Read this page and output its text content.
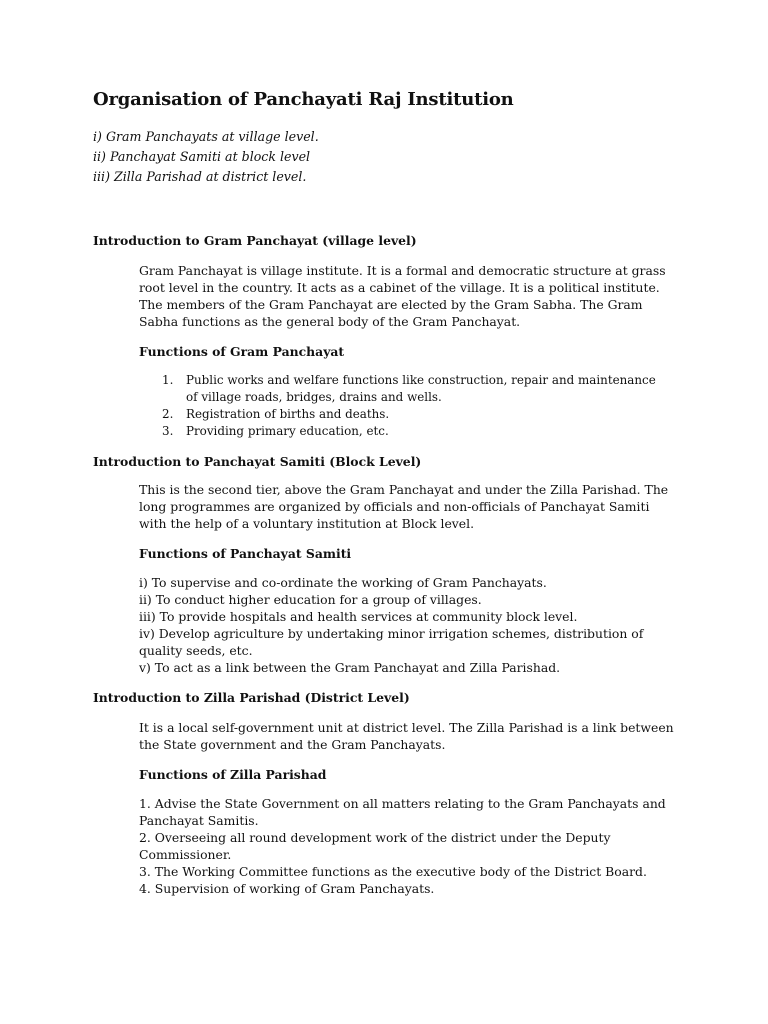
Organisation of Panchayati Raj Institution
i) Gram Panchayats at village level.
ii) Panchayat Samiti at block level
iii) Zilla Parishad at district level.
Introduction to Gram Panchayat (village level)

Gram Panchayat is village institute. It is a formal and democratic structure at grass root level in the country. It acts as a cabinet of the village. It is a political institute. The members of the Gram Panchayat are elected by the Gram Sabha. The Gram Sabha functions as the general body of the Gram Panchayat.

Functions of Gram Panchayat
1. Public works and welfare functions like construction, repair and maintenance of village roads, bridges, drains and wells.
2. Registration of births and deaths.
3. Providing primary education, etc.
Introduction to Panchayat Samiti (Block Level)

This is the second tier, above the Gram Panchayat and under the Zilla Parishad. The long programmes are organized by officials and non-officials of Panchayat Samiti with the help of a voluntary institution at Block level.

Functions of Panchayat Samiti
i) To supervise and co-ordinate the working of Gram Panchayats.
ii) To conduct higher education for a group of villages.
iii) To provide hospitals and health services at community block level.
iv) Develop agriculture by undertaking minor irrigation schemes, distribution of quality seeds, etc.
v) To act as a link between the Gram Panchayat and Zilla Parishad.
Introduction to Zilla Parishad (District Level)

It is a local self-government unit at district level. The Zilla Parishad is a link between the State government and the Gram Panchayats.

Functions of Zilla Parishad
1. Advise the State Government on all matters relating to the Gram Panchayats and Panchayat Samitis.
2. Overseeing all round development work of the district under the Deputy Commissioner.
3. The Working Committee functions as the executive body of the District Board.
4. Supervision of working of Gram Panchayats.
